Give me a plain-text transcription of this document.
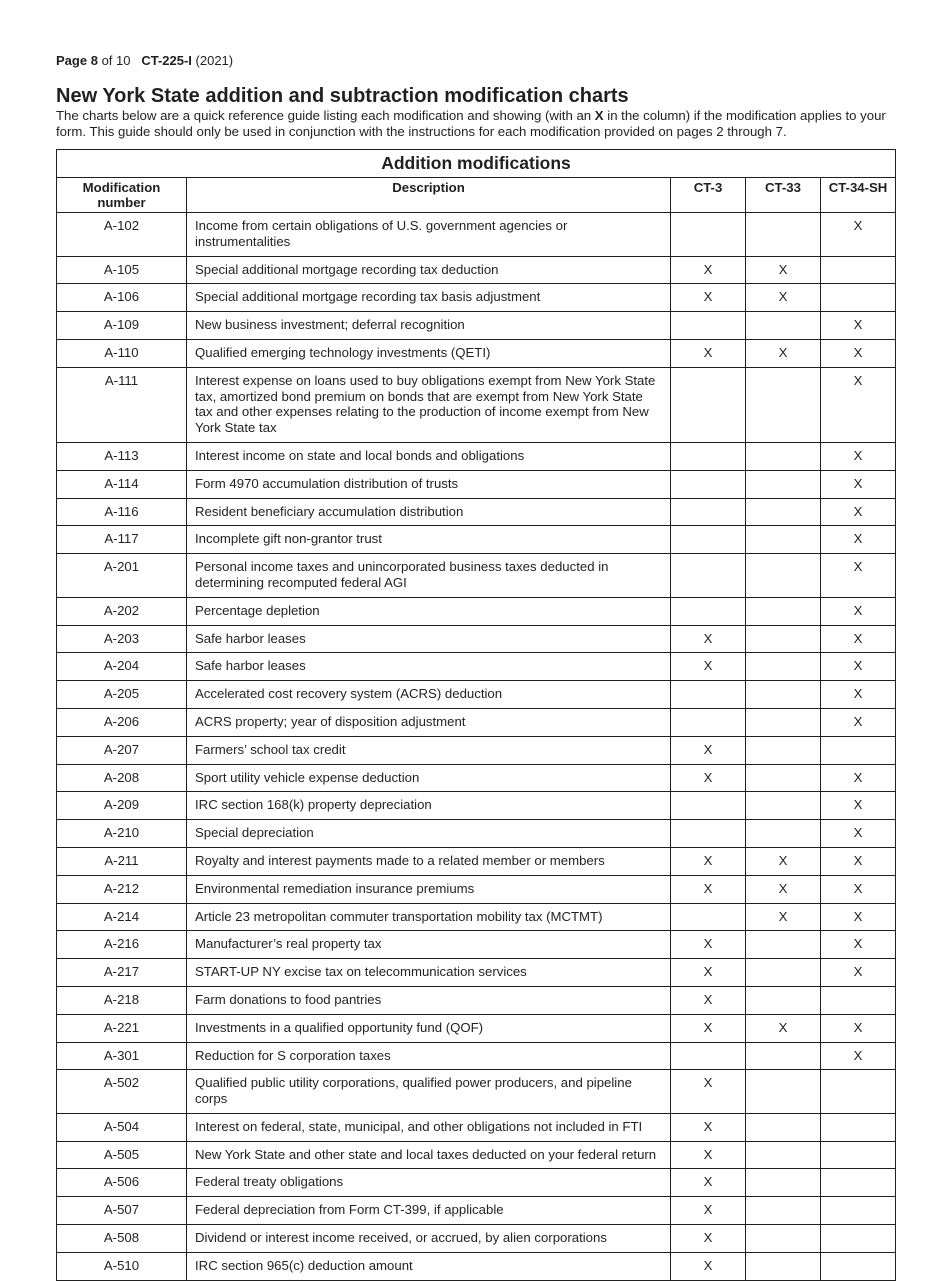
Page 8 of 10 CT-225-I (2021)
New York State addition and subtraction modification charts

The charts below are a quick reference guide listing each modification and showing (with an X in the column) if the modification applies to your form. This guide should only be used in conjunction with the instructions for each modification provided on pages 2 through 7.

Addition modifications				
Modification number	Description	CT-3	CT-33	CT-34-SH
A-102	Income from certain obligations of U.S. government agencies or instrumentalities			X
A-105	Special additional mortgage recording tax deduction	X	X	
A-106	Special additional mortgage recording tax basis adjustment	X	X	
A-109	New business investment; deferral recognition			X
A-110	Qualified emerging technology investments (QETI)	X	X	X
A-111	Interest expense on loans used to buy obligations exempt from New York State tax, amortized bond premium on bonds that are exempt from New York State tax and other expenses relating to the production of income exempt from New York State tax			X
A-113	Interest income on state and local bonds and obligations			X
A-114	Form 4970 accumulation distribution of trusts			X
A-116	Resident beneficiary accumulation distribution			X
A-117	Incomplete gift non-grantor trust			X
A-201	Personal income taxes and unincorporated business taxes deducted in determining recomputed federal AGI			X
A-202	Percentage depletion			X
A-203	Safe harbor leases	X		X
A-204	Safe harbor leases	X		X
A-205	Accelerated cost recovery system (ACRS) deduction			X
A-206	ACRS property; year of disposition adjustment			X
A-207	Farmers’ school tax credit	X		
A-208	Sport utility vehicle expense deduction	X		X
A-209	IRC section 168(k) property depreciation			X
A-210	Special depreciation			X
A-211	Royalty and interest payments made to a related member or members	X	X	X
A-212	Environmental remediation insurance premiums	X	X	X
A-214	Article 23 metropolitan commuter transportation mobility tax (MCTMT)		X	X
A-216	Manufacturer’s real property tax	X		X
A-217	START-UP NY excise tax on telecommunication services	X		X
A-218	Farm donations to food pantries	X		
A-221	Investments in a qualified opportunity fund (QOF)	X	X	X
A-301	Reduction for S corporation taxes			X
A-502	Qualified public utility corporations, qualified power producers, and pipeline corps	X		
A-504	Interest on federal, state, municipal, and other obligations not included in FTI	X		
A-505	New York State and other state and local taxes deducted on your federal return	X		
A-506	Federal treaty obligations	X		
A-507	Federal depreciation from Form CT-399, if applicable	X		
A-508	Dividend or interest income received, or accrued, by alien corporations	X		
A-510	IRC section 965(c) deduction amount	X		
